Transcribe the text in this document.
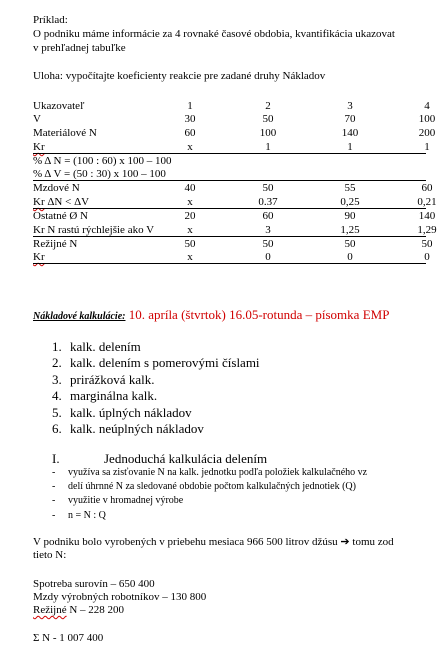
Príklad:
O podniku máme informácie za 4 rovnaké časové obdobia, kvantifikácia ukazovat
v prehľadnej tabuľke
Uloha: vypočítajte koeficienty reakcie pre zadané druhy Nákladov
Ukazovateľ	1	2	3	4
V	30	50	70	100
Materiálové N	60	100	140	200
Kr	x	1	1	1
% Δ N = (100 : 60) x 100 – 100
% Δ V = (50 : 30) x 100 – 100
Mzdové N	40	50	55	60
Kr ΔN < ΔV	x	0.37	0,25	0,21
Ostatné Ø N	20	60	90	140
Kr N rastú rýchlejšie ako V	x	3	1,25	1,29
Režijné N	50	50	50	50
Kr	x	0	0	0
Nákladové kalkulácie: 10. apríla (štvrtok) 16.05-rotunda – písomka EMP
1. kalk. delením
2. kalk. delením s pomerovými číslami
3. prirážková kalk.
4. marginálna kalk.
5. kalk. úplných nákladov
6. kalk. neúplných nákladov
I.	Jednoduchá kalkulácia delením
- využíva sa zisťovanie N na kalk. jednotku podľa položiek kalkulačného vz
- delí úhrnné N za sledované obdobie počtom kalkulačných jednotiek (Q)
- využitie v hromadnej výrobe
- n = N : Q
V podniku bolo vyrobených v priebehu mesiaca 966 500 litrov džúsu ➔ tomu zod
tieto N:
Spotreba surovín – 650 400
Mzdy výrobných robotníkov – 130 800
Režijné N – 228 200
Σ N - 1 007 400
